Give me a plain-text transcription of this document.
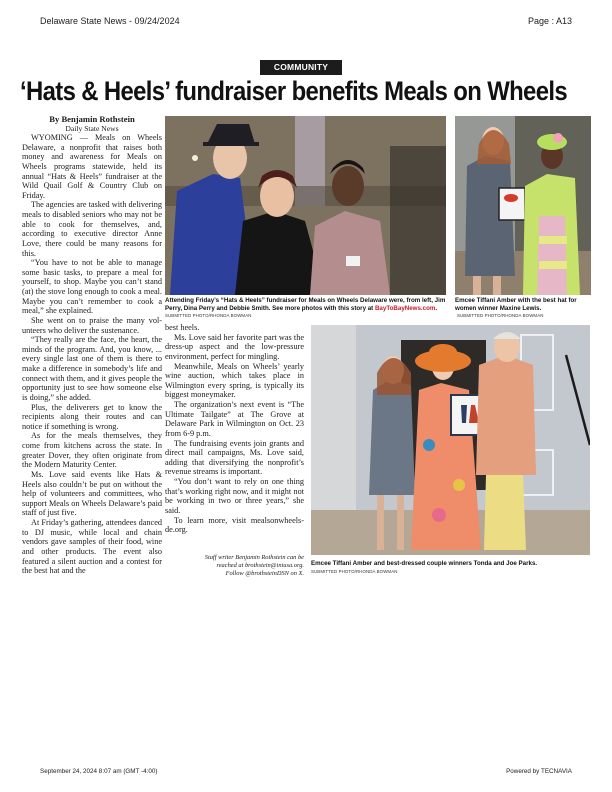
Delaware State News - 09/24/2024	Page : A13
COMMUNITY
‘Hats & Heels’ fundraiser benefits Meals on Wheels
By Benjamin Rothstein
Daily State News

WYOMING — Meals on Wheels Delaware, a nonprofit that raises both money and awareness for Meals on Wheels programs statewide, held its annual “Hats & Heels” fundraiser at the Wild Quail Golf & Country Club on Friday.

The agencies are tasked with delivering meals to disabled seniors who may not be able to cook for themselves, and, according to executive director Anne Love, there could be many reasons for this.

“You have to not be able to manage some basic tasks, to prepare a meal for yourself, to shop. Maybe you can’t stand (at) the stove long enough to cook a meal. Maybe you can’t remember to cook a meal,” she explained.

She went on to praise the many volunteers who deliver the sustenance.

“They really are the face, the heart, the minds of the program. And, you know, ... every single last one of them is there to make a difference in somebody’s life and connect with them, and it gives people the opportunity just to see how someone else is doing,” she added.

Plus, the deliverers get to know the recipients along their routes and can notice if something is wrong.

As for the meals themselves, they come from kitchens across the state. In greater Dover, they often originate from the Modern Maturity Center.

Ms. Love said events like Hats & Heels also couldn’t be put on without the help of volunteers and committees, who support Meals on Wheels Delaware’s paid staff of just five.

At Friday’s gathering, attendees danced to DJ music, while local and chain vendors gave samples of their food, wine and other products. The event also featured a silent auction and a contest for the best hat and the

best heels.

Ms. Love said her favorite part was the dress-up aspect and the low-pressure environment, perfect for mingling.

Meanwhile, Meals on Wheels’ yearly wine auction, which takes place in Wilmington every spring, is typically its biggest moneymaker.

The organization’s next event is “The Ultimate Tailgate” at The Grove at Delaware Park in Wilmington on Oct. 23 from 6-9 p.m.

The fundraising events join grants and direct mail campaigns, Ms. Love said, adding that diversifying the nonprofit’s revenue streams is important.

“You don’t want to rely on one thing that’s working right now, and it might not be working in two or three years,” she said.

To learn more, visit mealsonwheelsde.org.

Staff writer Benjamin Rothstein can be
reached at brothstein@iniusa.org.
Follow @brothsteinDSN on X.
Attending Friday’s “Hats & Heels” fundraiser for Meals on Wheels Delaware were, from left, Jim Perry, Dina Perry and Debbie Smith. See more photos with this story at BayToBayNews.com.
SUBMITTED PHOTO/RHONDA BOWMAN
Emcee Tiffani Amber with the best hat for women winner Maxine Lewis.
SUBMITTED PHOTO/RHONDA BOWMAN
Emcee Tiffani Amber and best-dressed couple winners Tonda and Joe Parks.
SUBMITTED PHOTO/RHONDA BOWMAN
September 24, 2024 8:07 am (GMT -4:00)	Powered by TECNAVIA
